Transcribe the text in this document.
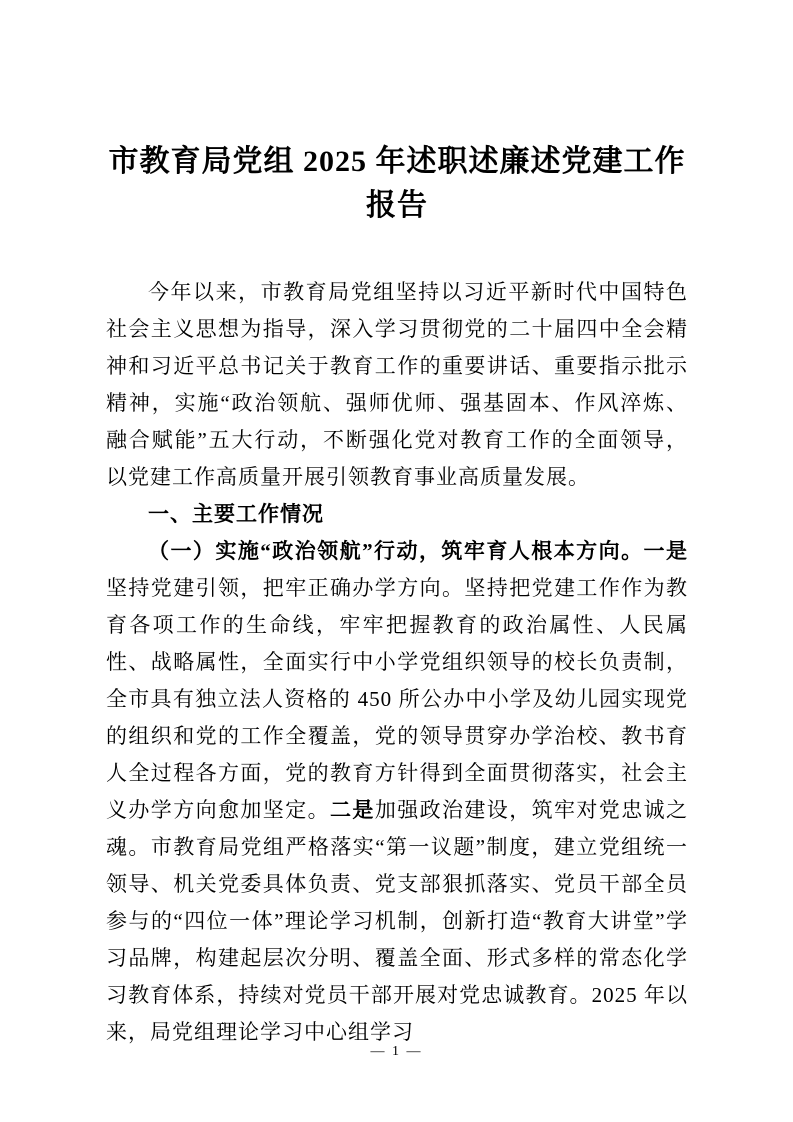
市教育局党组 2025 年述职述廉述党建工作报告

今年以来，市教育局党组坚持以习近平新时代中国特色社会主义思想为指导，深入学习贯彻党的二十届四中全会精神和习近平总书记关于教育工作的重要讲话、重要指示批示精神，实施“政治领航、强师优师、强基固本、作风淬炼、融合赋能”五大行动，不断强化党对教育工作的全面领导，以党建工作高质量开展引领教育事业高质量发展。

一、主要工作情况

（一）实施“政治领航”行动，筑牢育人根本方向。一是坚持党建引领，把牢正确办学方向。坚持把党建工作作为教育各项工作的生命线，牢牢把握教育的政治属性、人民属性、战略属性，全面实行中小学党组织领导的校长负责制，全市具有独立法人资格的 450 所公办中小学及幼儿园实现党的组织和党的工作全覆盖，党的领导贯穿办学治校、教书育人全过程各方面，党的教育方针得到全面贯彻落实，社会主义办学方向愈加坚定。二是加强政治建设，筑牢对党忠诚之魂。市教育局党组严格落实“第一议题”制度，建立党组统一领导、机关党委具体负责、党支部狠抓落实、党员干部全员参与的“四位一体”理论学习机制，创新打造“教育大讲堂”学习品牌，构建起层次分明、覆盖全面、形式多样的常态化学习教育体系，持续对党员干部开展对党忠诚教育。2025 年以来，局党组理论学习中心组学习

— 1 —
